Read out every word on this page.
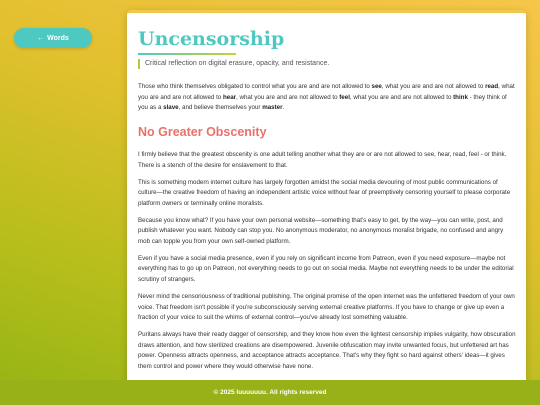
← Words	Uncensorship
Critical reflection on digital erasure, opacity, and resistance.

Those who think themselves obligated to control what you are and are not allowed to see, what you are and are not allowed to read, what you are and are not allowed to hear, what you are and are not allowed to feel, what you are and are not allowed to think - they think of you as a slave, and believe themselves your master.

No Greater Obscenity

I firmly believe that the greatest obscenity is one adult telling another what they are or are not allowed to see, hear, read, feel - or think. There is a stench of the desire for enslavement to that.

This is something modern internet culture has largely forgotten amidst the social media devouring of most public communications of culture—the creative freedom of having an independent artistic voice without fear of preemptively censoring yourself to please corporate platform owners or terminally online moralists.

Because you know what? If you have your own personal website—something that's easy to get, by the way—you can write, post, and publish whatever you want. Nobody can stop you. No anonymous moderator, no anonymous moralist brigade, no confused and angry mob can topple you from your own self-owned platform.

Even if you have a social media presence, even if you rely on significant income from Patreon, even if you need exposure—maybe not everything has to go up on Patreon, not everything needs to go out on social media. Maybe not everything needs to be under the editorial scrutiny of strangers.

Never mind the censoriousness of traditional publishing. The original promise of the open internet was the unfettered freedom of your own voice. That freedom isn't possible if you're subconsciously serving external creative platforms. If you have to change or give up even a fraction of your voice to suit the whims of external control—you've already lost something valuable.

Puritans always have their ready dagger of censorship, and they know how even the lightest censorship implies vulgarity, how obscuration draws attention, and how sterilized creations are disempowered. Juvenile obfuscation may invite unwanted focus, but unfettered art has power. Openness attracts openness, and acceptance attracts acceptance. That's why they fight so hard against others' ideas—it gives them control and power where they would otherwise have none.

© 2025 luuuuuuu. All rights reserved
